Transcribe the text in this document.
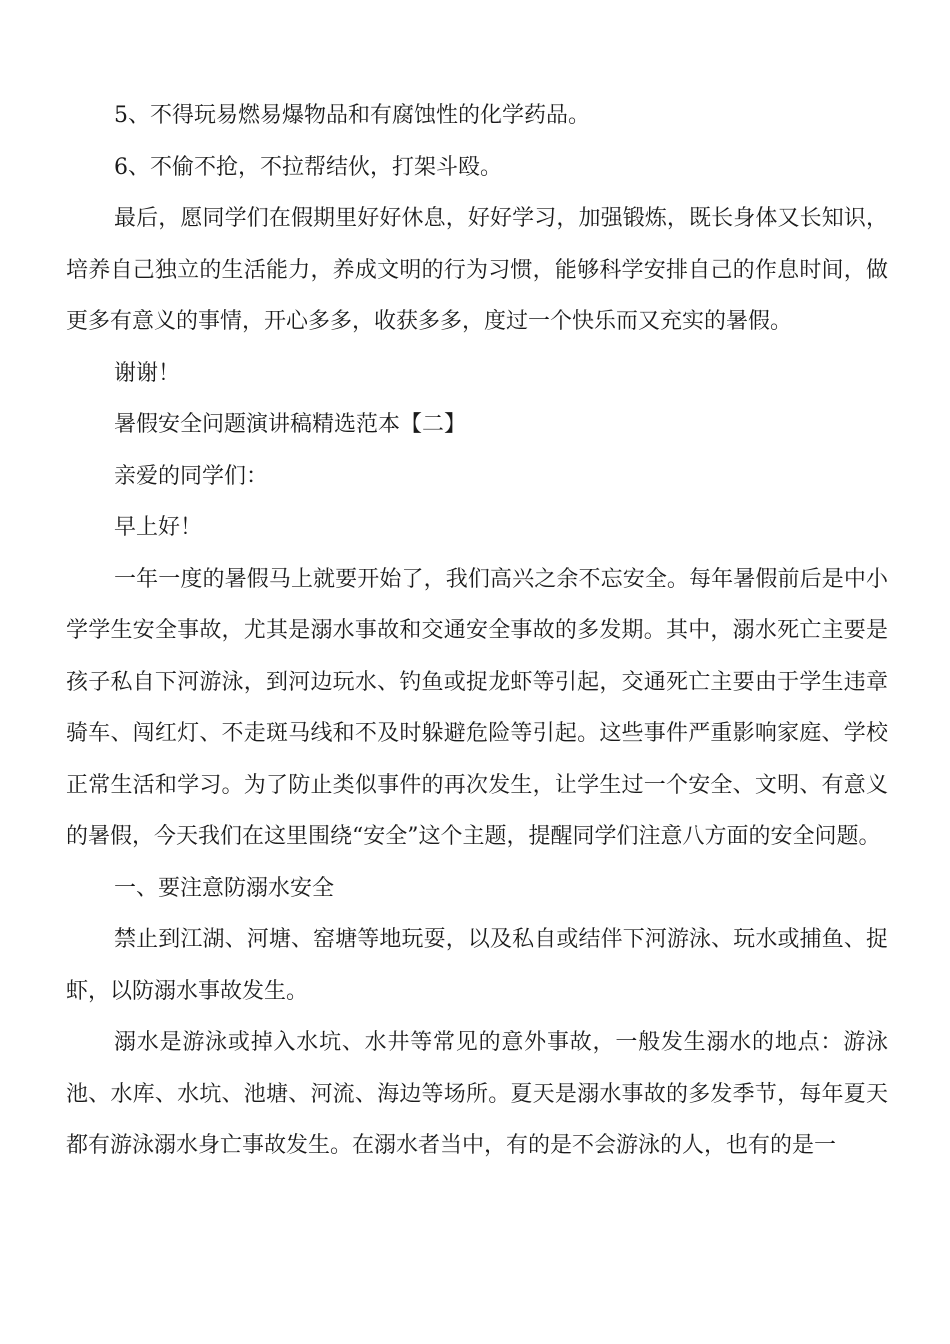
5、不得玩易燃易爆物品和有腐蚀性的化学药品。

6、不偷不抢，不拉帮结伙，打架斗殴。

最后，愿同学们在假期里好好休息，好好学习，加强锻炼，既长身体又长知识，培养自己独立的生活能力，养成文明的行为习惯，能够科学安排自己的作息时间，做更多有意义的事情，开心多多，收获多多，度过一个快乐而又充实的暑假。

谢谢！

暑假安全问题演讲稿精选范本【二】

亲爱的同学们：

早上好！

一年一度的暑假马上就要开始了，我们高兴之余不忘安全。每年暑假前后是中小学学生安全事故，尤其是溺水事故和交通安全事故的多发期。其中，溺水死亡主要是孩子私自下河游泳，到河边玩水、钓鱼或捉龙虾等引起，交通死亡主要由于学生违章骑车、闯红灯、不走斑马线和不及时躲避危险等引起。这些事件严重影响家庭、学校正常生活和学习。为了防止类似事件的再次发生，让学生过一个安全、文明、有意义的暑假，今天我们在这里围绕“安全”这个主题，提醒同学们注意八方面的安全问题。

一、要注意防溺水安全

禁止到江湖、河塘、窑塘等地玩耍，以及私自或结伴下河游泳、玩水或捕鱼、捉虾，以防溺水事故发生。

溺水是游泳或掉入水坑、水井等常见的意外事故，一般发生溺水的地点：游泳池、水库、水坑、池塘、河流、海边等场所。夏天是溺水事故的多发季节，每年夏天都有游泳溺水身亡事故发生。在溺水者当中，有的是不会游泳的人，也有的是一
